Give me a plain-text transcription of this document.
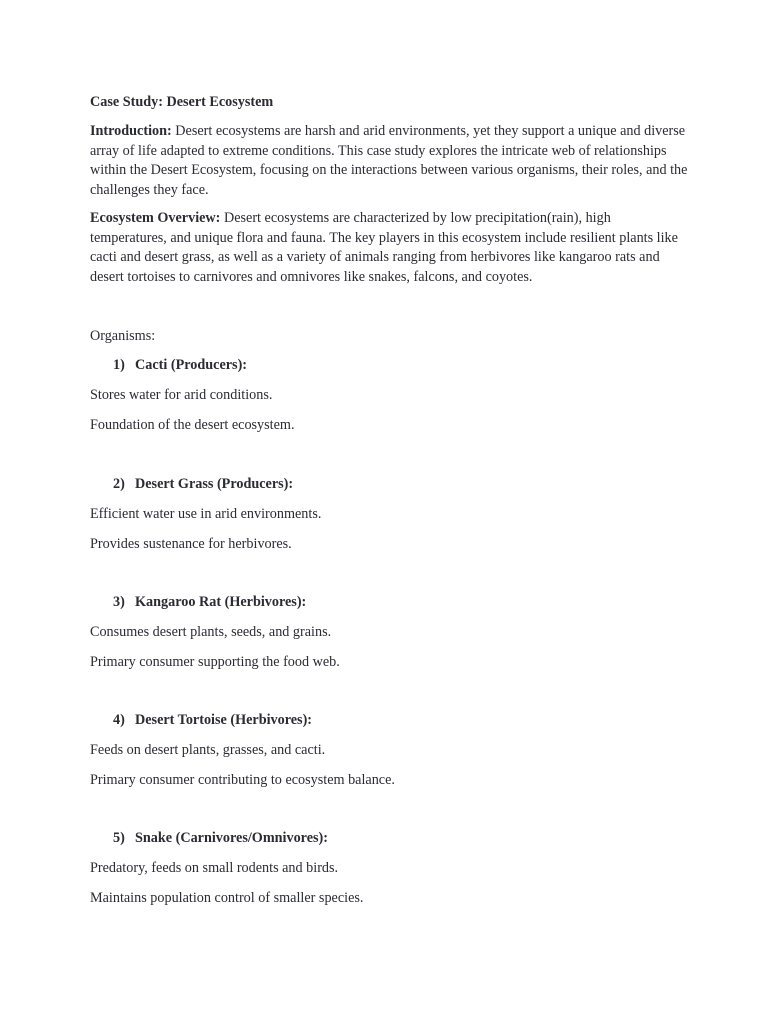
Case Study: Desert Ecosystem

Introduction: Desert ecosystems are harsh and arid environments, yet they support a unique and diverse array of life adapted to extreme conditions. This case study explores the intricate web of relationships within the Desert Ecosystem, focusing on the interactions between various organisms, their roles, and the challenges they face.

Ecosystem Overview: Desert ecosystems are characterized by low precipitation(rain), high temperatures, and unique flora and fauna. The key players in this ecosystem include resilient plants like cacti and desert grass, as well as a variety of animals ranging from herbivores like kangaroo rats and desert tortoises to carnivores and omnivores like snakes, falcons, and coyotes.

Organisms:
1) Cacti (Producers):
Stores water for arid conditions.
Foundation of the desert ecosystem.
2) Desert Grass (Producers):
Efficient water use in arid environments.
Provides sustenance for herbivores.
3) Kangaroo Rat (Herbivores):
Consumes desert plants, seeds, and grains.
Primary consumer supporting the food web.
4) Desert Tortoise (Herbivores):
Feeds on desert plants, grasses, and cacti.
Primary consumer contributing to ecosystem balance.
5) Snake (Carnivores/Omnivores):
Predatory, feeds on small rodents and birds.
Maintains population control of smaller species.
